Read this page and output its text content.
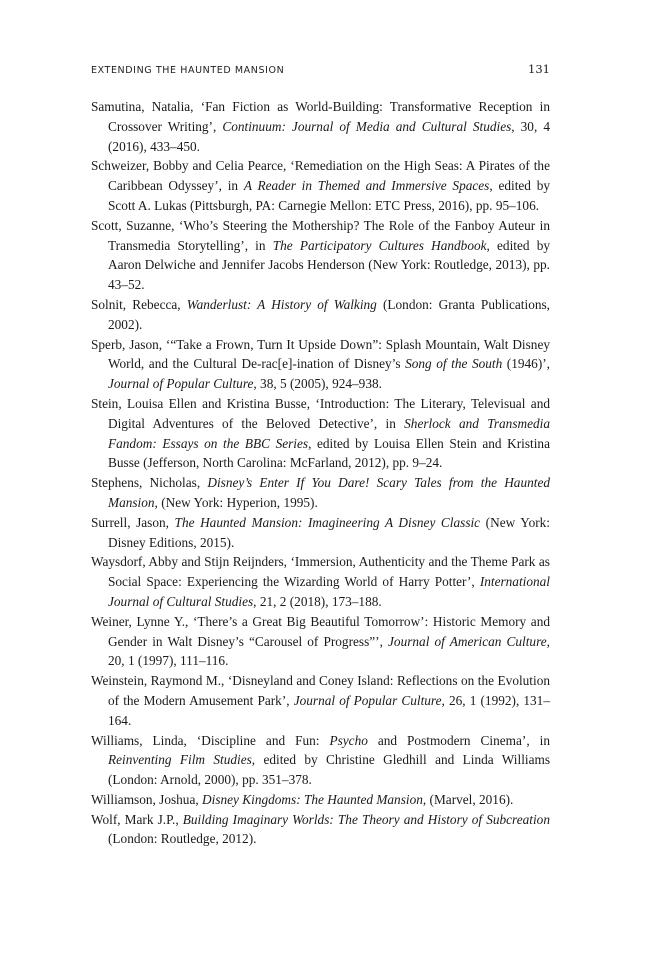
EXTENDING THE HAUNTED MANSION	131
Samutina, Natalia, ‘Fan Fiction as World-Building: Transformative Reception in Crossover Writing’, Continuum: Journal of Media and Cultural Studies, 30, 4 (2016), 433–450.
Schweizer, Bobby and Celia Pearce, ‘Remediation on the High Seas: A Pirates of the Caribbean Odyssey’, in A Reader in Themed and Immersive Spaces, edited by Scott A. Lukas (Pittsburgh, PA: Carnegie Mellon: ETC Press, 2016), pp. 95–106.
Scott, Suzanne, ‘Who’s Steering the Mothership? The Role of the Fanboy Auteur in Transmedia Storytelling’, in The Participatory Cultures Handbook, edited by Aaron Delwiche and Jennifer Jacobs Henderson (New York: Routledge, 2013), pp. 43–52.
Solnit, Rebecca, Wanderlust: A History of Walking (London: Granta Publications, 2002).
Sperb, Jason, ‘“Take a Frown, Turn It Upside Down”: Splash Mountain, Walt Disney World, and the Cultural De-rac[e]-ination of Disney’s Song of the South (1946)’, Journal of Popular Culture, 38, 5 (2005), 924–938.
Stein, Louisa Ellen and Kristina Busse, ‘Introduction: The Literary, Televisual and Digital Adventures of the Beloved Detective’, in Sherlock and Transmedia Fandom: Essays on the BBC Series, edited by Louisa Ellen Stein and Kristina Busse (Jefferson, North Carolina: McFarland, 2012), pp. 9–24.
Stephens, Nicholas, Disney’s Enter If You Dare! Scary Tales from the Haunted Mansion, (New York: Hyperion, 1995).
Surrell, Jason, The Haunted Mansion: Imagineering A Disney Classic (New York: Disney Editions, 2015).
Waysdorf, Abby and Stijn Reijnders, ‘Immersion, Authenticity and the Theme Park as Social Space: Experiencing the Wizarding World of Harry Potter’, International Journal of Cultural Studies, 21, 2 (2018), 173–188.
Weiner, Lynne Y., ‘There’s a Great Big Beautiful Tomorrow’: Historic Memory and Gender in Walt Disney’s “Carousel of Progress”’, Journal of American Culture, 20, 1 (1997), 111–116.
Weinstein, Raymond M., ‘Disneyland and Coney Island: Reflections on the Evolution of the Modern Amusement Park’, Journal of Popular Culture, 26, 1 (1992), 131–164.
Williams, Linda, ‘Discipline and Fun: Psycho and Postmodern Cinema’, in Reinventing Film Studies, edited by Christine Gledhill and Linda Williams (London: Arnold, 2000), pp. 351–378.
Williamson, Joshua, Disney Kingdoms: The Haunted Mansion, (Marvel, 2016).
Wolf, Mark J.P., Building Imaginary Worlds: The Theory and History of Subcreation (London: Routledge, 2012).
